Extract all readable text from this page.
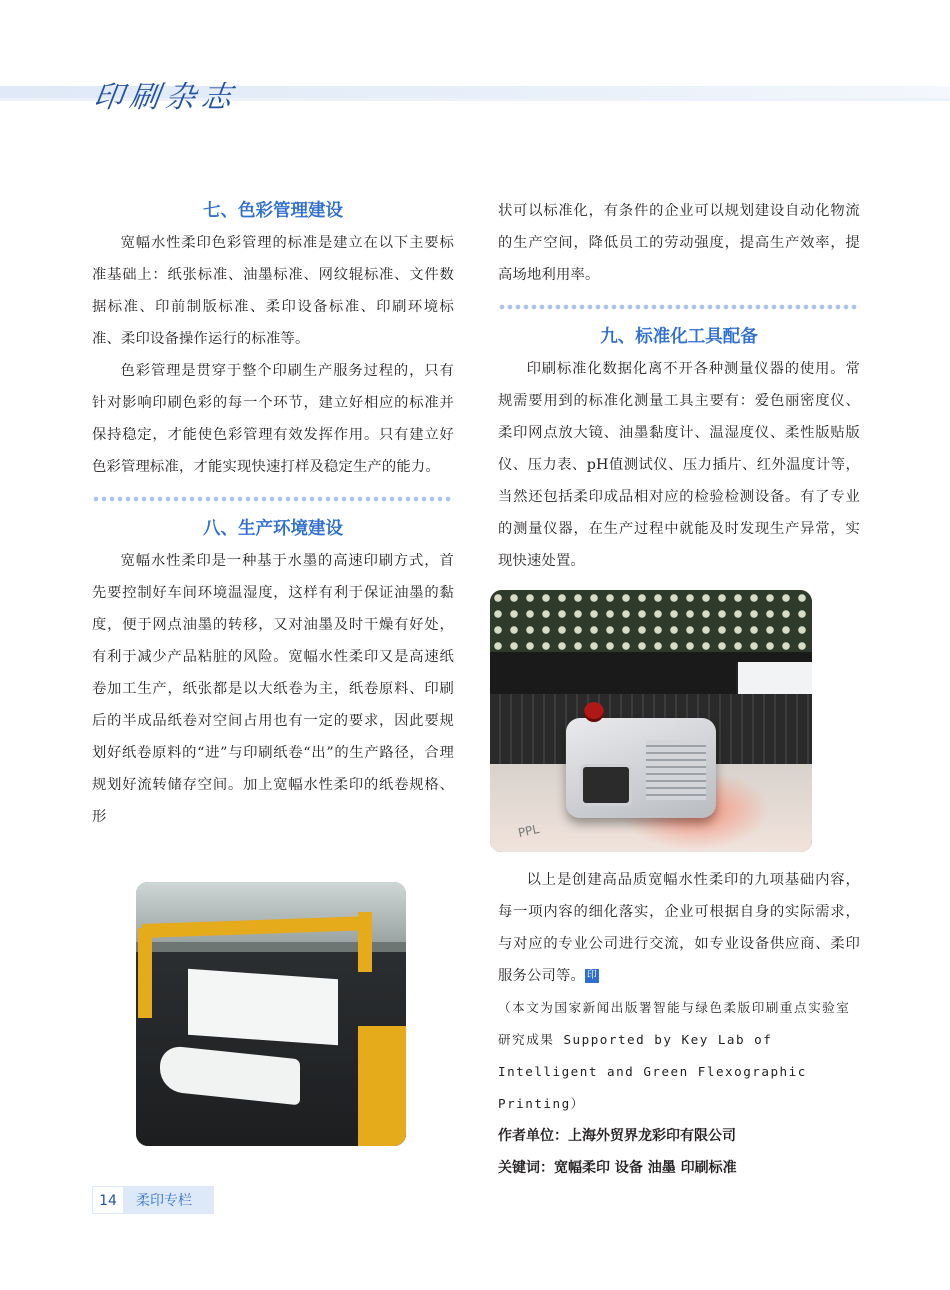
印刷杂志
七、色彩管理建设

宽幅水性柔印色彩管理的标准是建立在以下主要标准基础上：纸张标准、油墨标准、网纹辊标准、文件数据标准、印前制版标准、柔印设备标准、印刷环境标准、柔印设备操作运行的标准等。

色彩管理是贯穿于整个印刷生产服务过程的，只有针对影响印刷色彩的每一个环节，建立好相应的标准并保持稳定，才能使色彩管理有效发挥作用。只有建立好色彩管理标准，才能实现快速打样及稳定生产的能力。

八、生产环境建设

宽幅水性柔印是一种基于水墨的高速印刷方式，首先要控制好车间环境温湿度，这样有利于保证油墨的黏度，便于网点油墨的转移，又对油墨及时干燥有好处，有利于减少产品粘脏的风险。宽幅水性柔印又是高速纸卷加工生产，纸张都是以大纸卷为主，纸卷原料、印刷后的半成品纸卷对空间占用也有一定的要求，因此要规划好纸卷原料的“进”与印刷纸卷“出”的生产路径，合理规划好流转储存空间。加上宽幅水性柔印的纸卷规格、形

状可以标准化，有条件的企业可以规划建设自动化物流的生产空间，降低员工的劳动强度，提高生产效率，提高场地利用率。

九、标准化工具配备

印刷标准化数据化离不开各种测量仪器的使用。常规需要用到的标准化测量工具主要有：爱色丽密度仪、柔印网点放大镜、油墨黏度计、温湿度仪、柔性版贴版仪、压力表、pH值测试仪、压力插片、红外温度计等，当然还包括柔印成品相对应的检验检测设备。有了专业的测量仪器，在生产过程中就能及时发现生产异常，实现快速处置。

PPL

以上是创建高品质宽幅水性柔印的九项基础内容，每一项内容的细化落实，企业可根据自身的实际需求，与对应的专业公司进行交流，如专业设备供应商、柔印服务公司等。 印

（本文为国家新闻出版署智能与绿色柔版印刷重点实验室研究成果 Supported by Key Lab of Intelligent and Green Flexographic Printing）

作者单位：上海外贸界龙彩印有限公司

关键词：宽幅柔印 设备 油墨 印刷标准

14	柔印专栏
